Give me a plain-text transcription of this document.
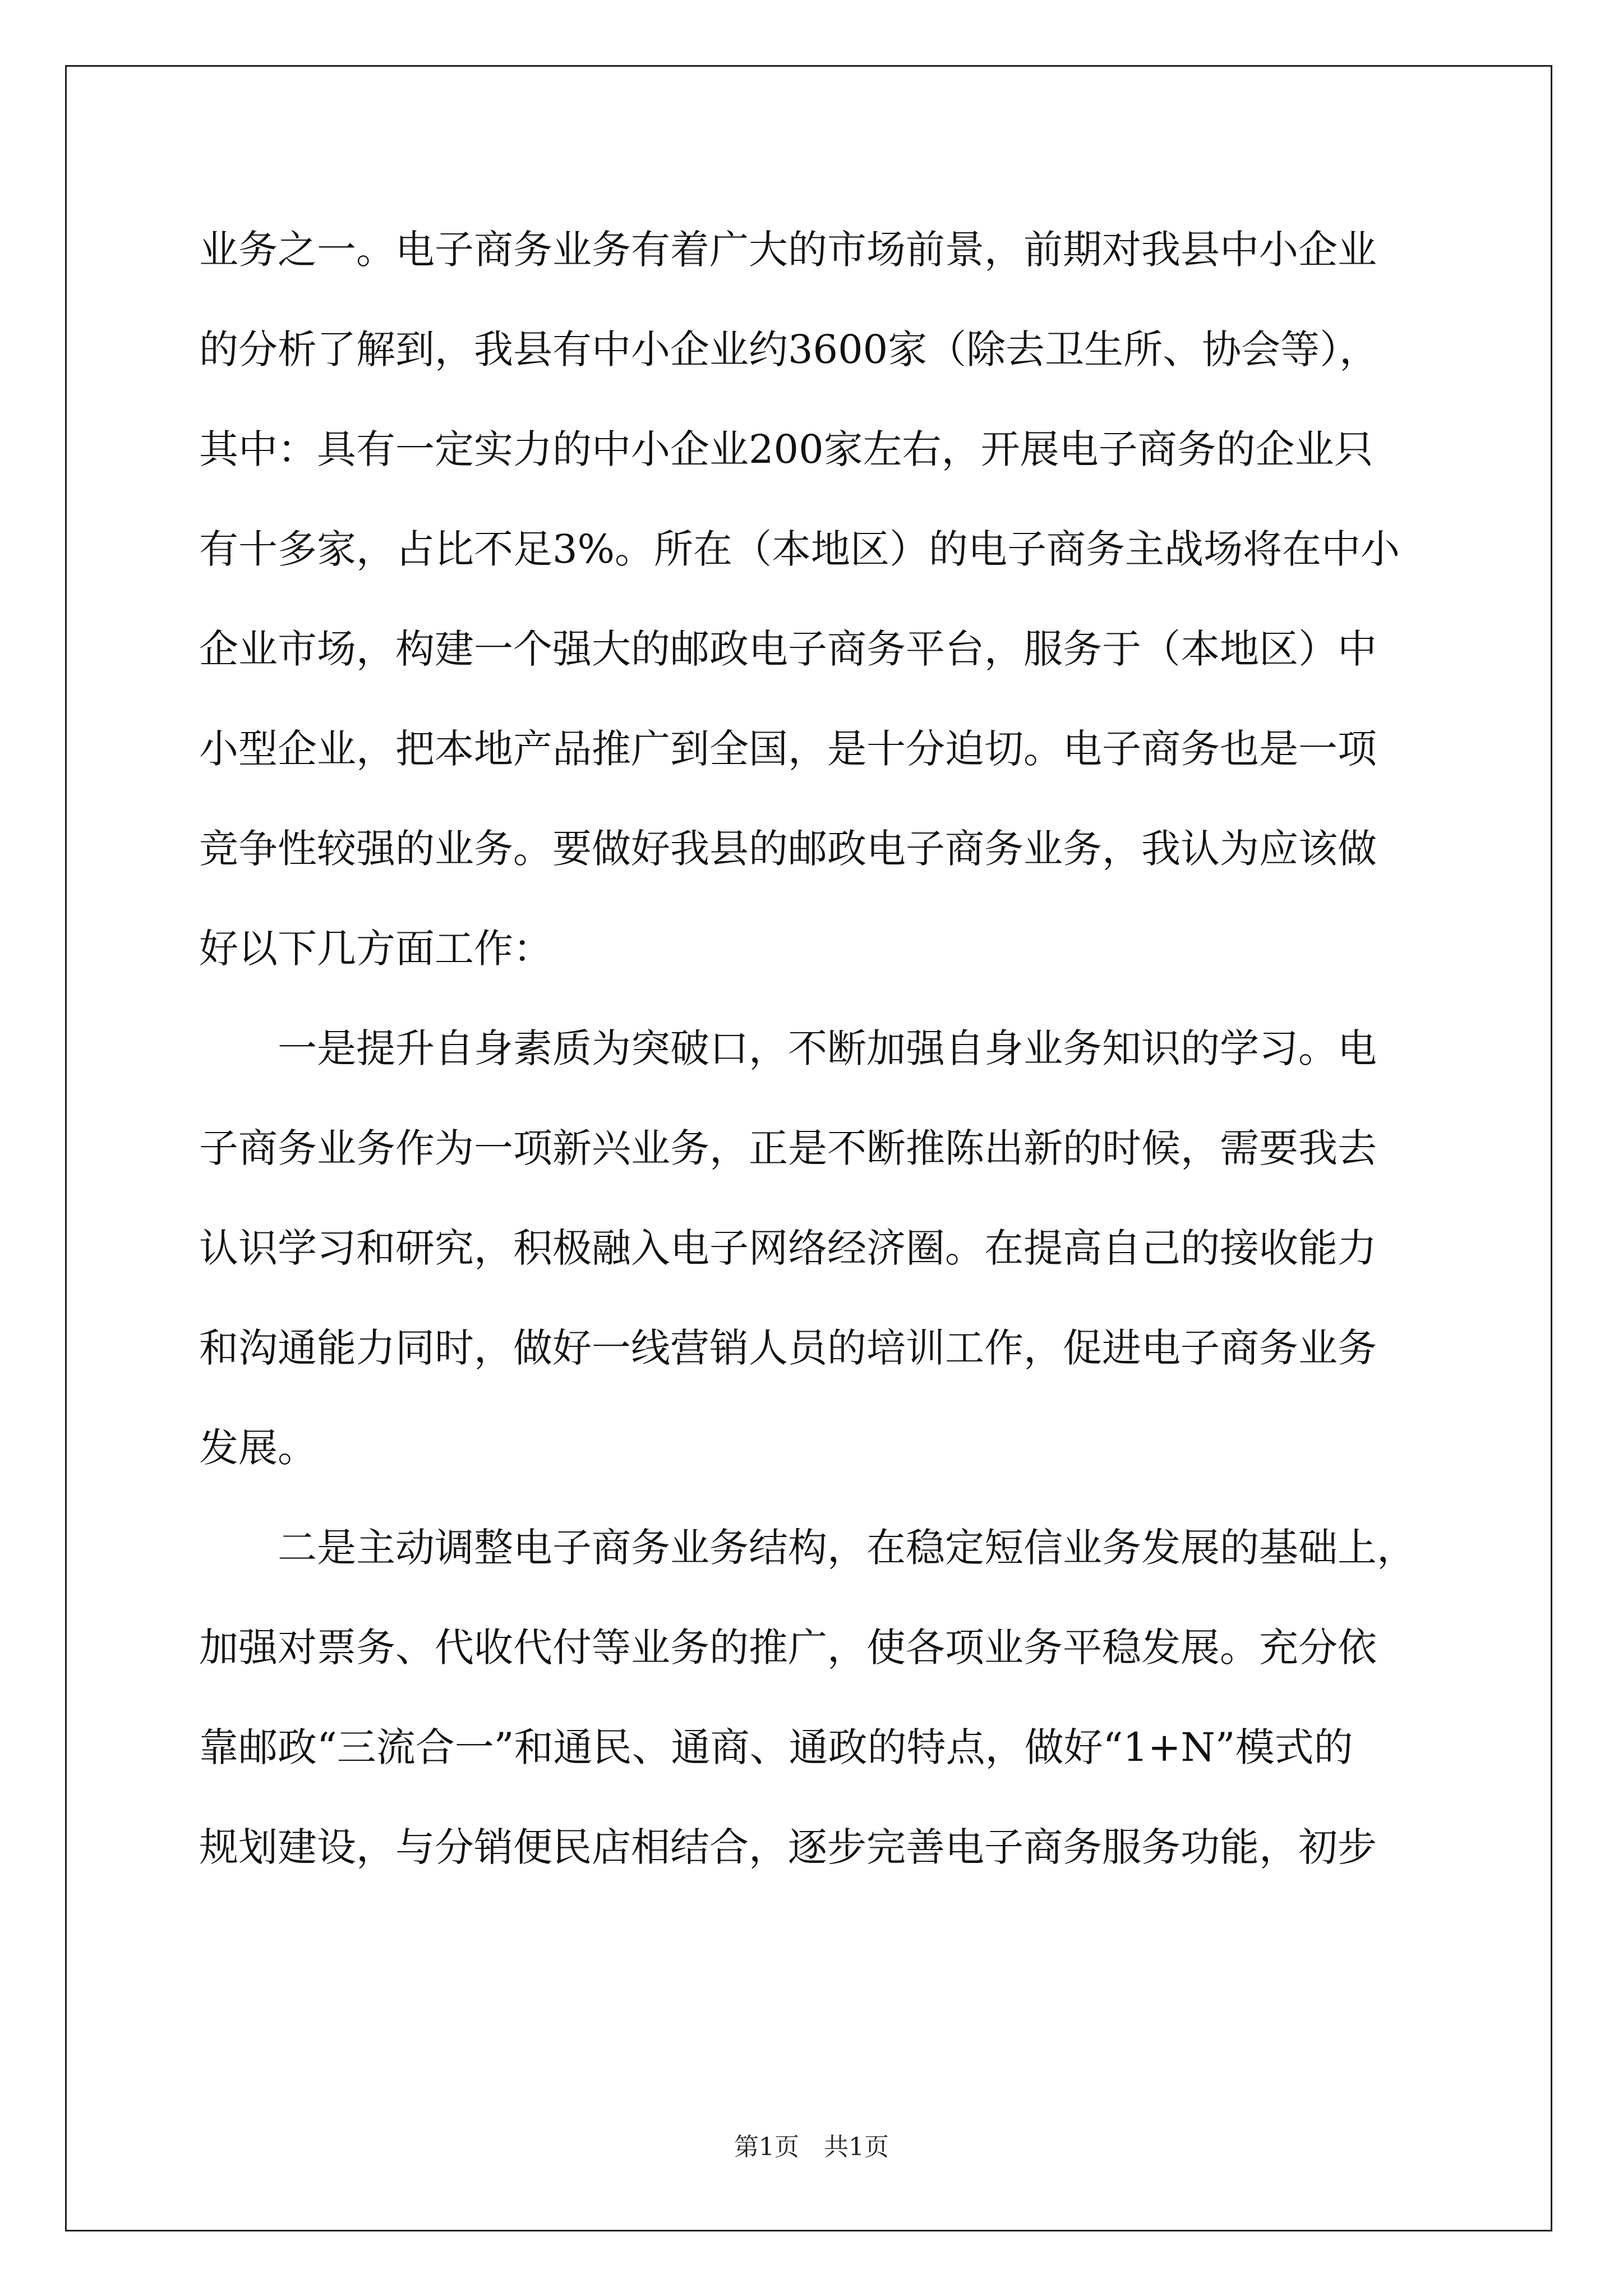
业务之一。电子商务业务有着广大的市场前景，前期对我县中小企业
的分析了解到，我县有中小企业约3600家（除去卫生所、协会等），
其中：具有一定实力的中小企业200家左右，开展电子商务的企业只
有十多家，占比不足3%。所在（本地区）的电子商务主战场将在中小
企业市场，构建一个强大的邮政电子商务平台，服务于（本地区）中
小型企业，把本地产品推广到全国，是十分迫切。电子商务也是一项
竞争性较强的业务。要做好我县的邮政电子商务业务，我认为应该做
好以下几方面工作：
　　一是提升自身素质为突破口，不断加强自身业务知识的学习。电
子商务业务作为一项新兴业务，正是不断推陈出新的时候，需要我去
认识学习和研究，积极融入电子网络经济圈。在提高自己的接收能力
和沟通能力同时，做好一线营销人员的培训工作，促进电子商务业务
发展。
　　二是主动调整电子商务业务结构，在稳定短信业务发展的基础上，
加强对票务、代收代付等业务的推广，使各项业务平稳发展。充分依
靠邮政“三流合一”和通民、通商、通政的特点，做好“1+N”模式的
规划建设，与分销便民店相结合，逐步完善电子商务服务功能，初步
第1页　共1页
